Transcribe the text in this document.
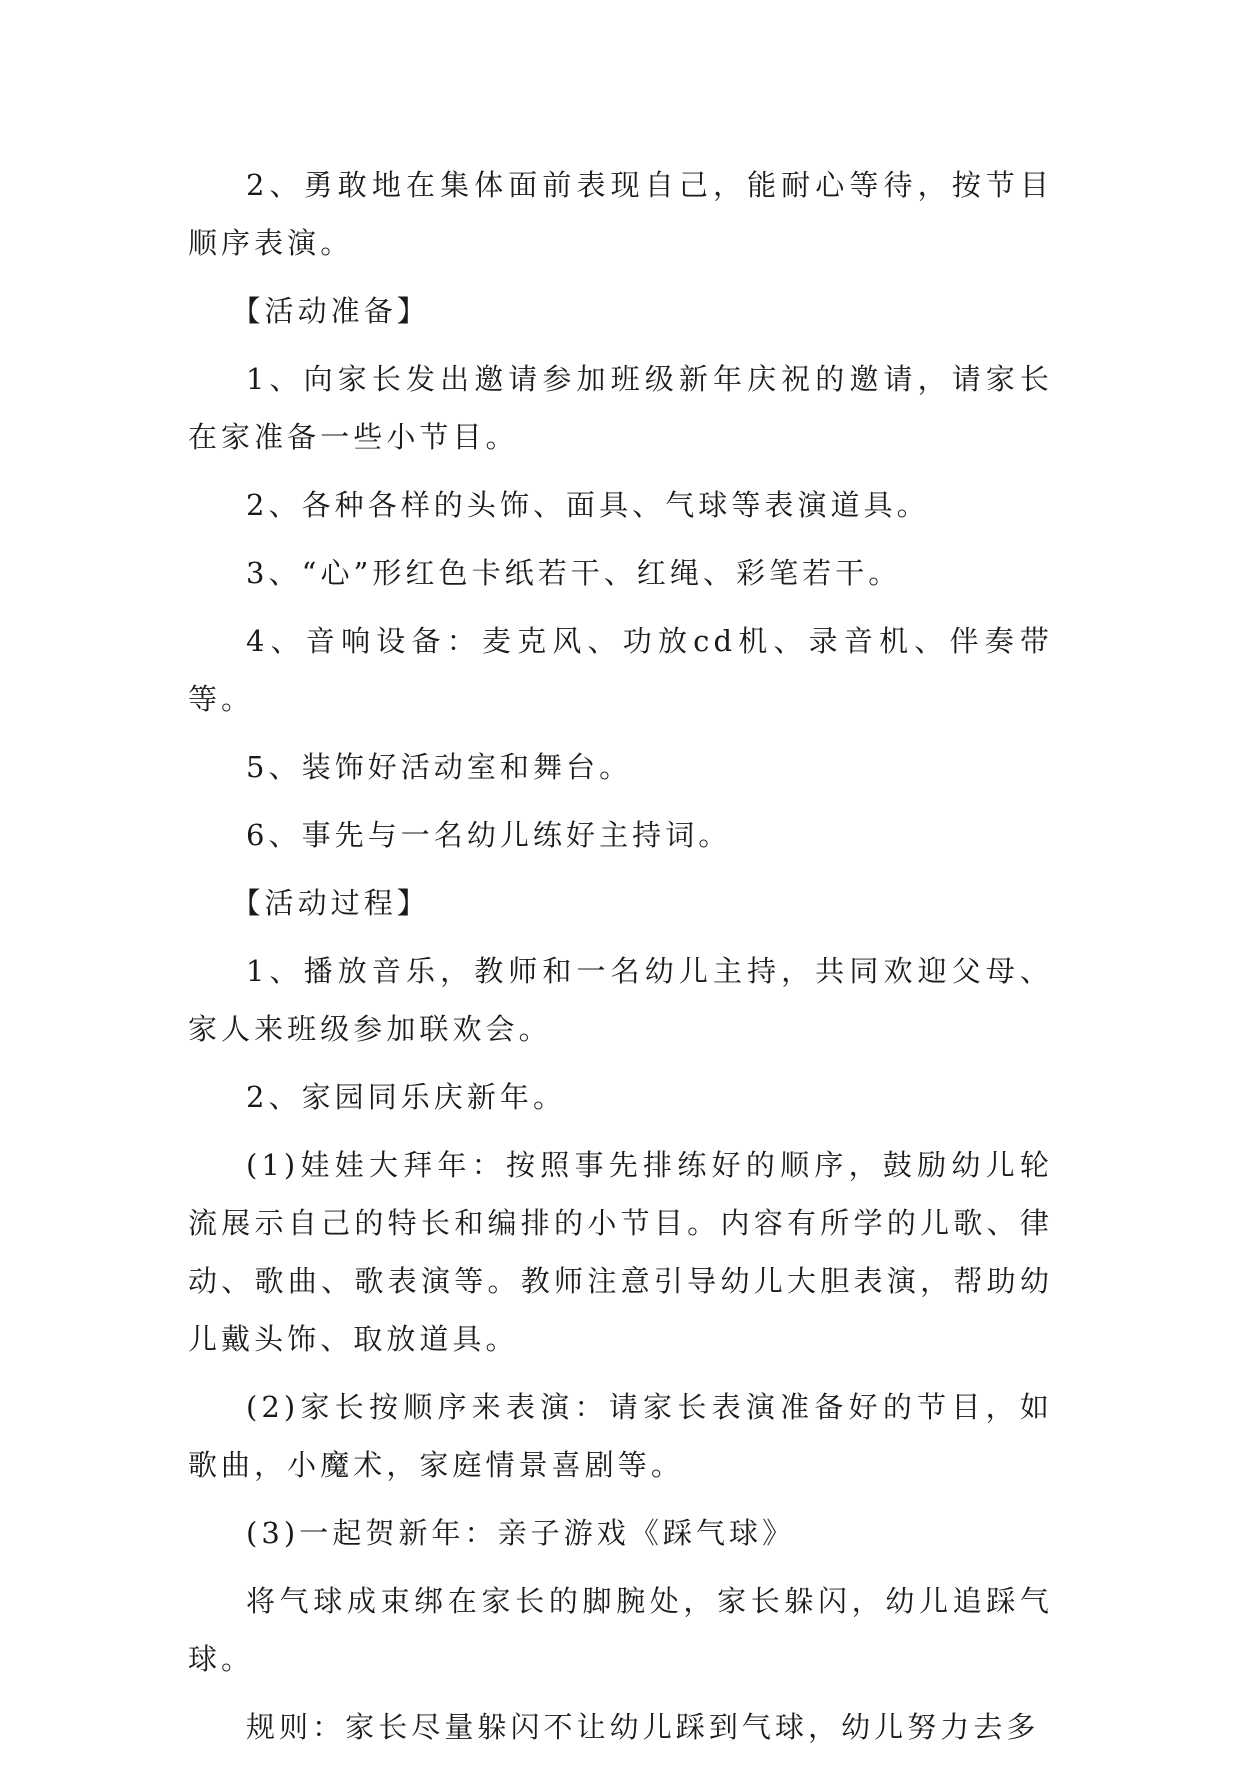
2、勇敢地在集体面前表现自己，能耐心等待，按节目顺序表演。

【活动准备】

1、向家长发出邀请参加班级新年庆祝的邀请，请家长在家准备一些小节目。

2、各种各样的头饰、面具、气球等表演道具。

3、“心”形红色卡纸若干、红绳、彩笔若干。

4、音响设备：麦克风、功放cd机、录音机、伴奏带等。

5、装饰好活动室和舞台。

6、事先与一名幼儿练好主持词。

【活动过程】

1、播放音乐，教师和一名幼儿主持，共同欢迎父母、家人来班级参加联欢会。

2、家园同乐庆新年。

(1)娃娃大拜年：按照事先排练好的顺序，鼓励幼儿轮流展示自己的特长和编排的小节目。内容有所学的儿歌、律动、歌曲、歌表演等。教师注意引导幼儿大胆表演，帮助幼儿戴头饰、取放道具。

(2)家长按顺序来表演：请家长表演准备好的节目，如歌曲，小魔术，家庭情景喜剧等。

(3)一起贺新年：亲子游戏《踩气球》

将气球成束绑在家长的脚腕处，家长躲闪，幼儿追踩气球。

规则：家长尽量躲闪不让幼儿踩到气球，幼儿努力去多
